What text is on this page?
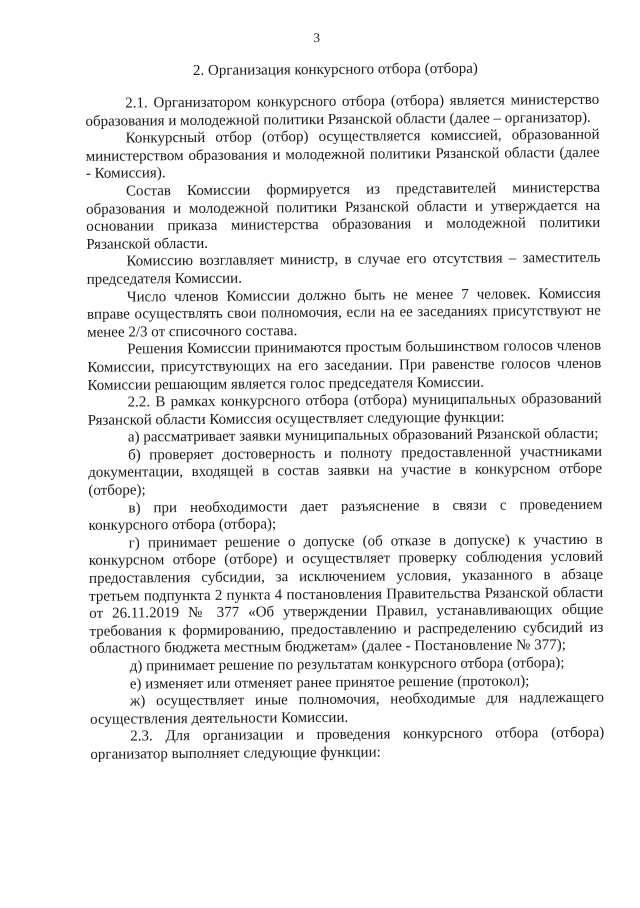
3
2. Организация конкурсного отбора (отбора)

2.1. Организатором конкурсного отбора (отбора) является министерство образования и молодежной политики Рязанской области (далее – организатор).

Конкурсный отбор (отбор) осуществляется комиссией, образованной министерством образования и молодежной политики Рязанской области (далее - Комиссия).

Состав Комиссии формируется из представителей министерства образования и молодежной политики Рязанской области и утверждается на основании приказа министерства образования и молодежной политики Рязанской области.

Комиссию возглавляет министр, в случае его отсутствия – заместитель председателя Комиссии.

Число членов Комиссии должно быть не менее 7 человек. Комиссия вправе осуществлять свои полномочия, если на ее заседаниях присутствуют не менее 2/3 от списочного состава.

Решения Комиссии принимаются простым большинством голосов членов Комиссии, присутствующих на его заседании. При равенстве голосов членов Комиссии решающим является голос председателя Комиссии.

2.2. В рамках конкурсного отбора (отбора) муниципальных образований Рязанской области Комиссия осуществляет следующие функции:

а) рассматривает заявки муниципальных образований Рязанской области;

б) проверяет достоверность и полноту предоставленной участниками документации, входящей в состав заявки на участие в конкурсном отборе (отборе);

в) при необходимости дает разъяснение в связи с проведением конкурсного отбора (отбора);

г) принимает решение о допуске (об отказе в допуске) к участию в конкурсном отборе (отборе) и осуществляет проверку соблюдения условий предоставления субсидии, за исключением условия, указанного в абзаце третьем подпункта 2 пункта 4 постановления Правительства Рязанской области от 26.11.2019 № 377 «Об утверждении Правил, устанавливающих общие требования к формированию, предоставлению и распределению субсидий из областного бюджета местным бюджетам» (далее - Постановление № 377);

д) принимает решение по результатам конкурсного отбора (отбора);

е) изменяет или отменяет ранее принятое решение (протокол);

ж) осуществляет иные полномочия, необходимые для надлежащего осуществления деятельности Комиссии.

2.3. Для организации и проведения конкурсного отбора (отбора) организатор выполняет следующие функции:
